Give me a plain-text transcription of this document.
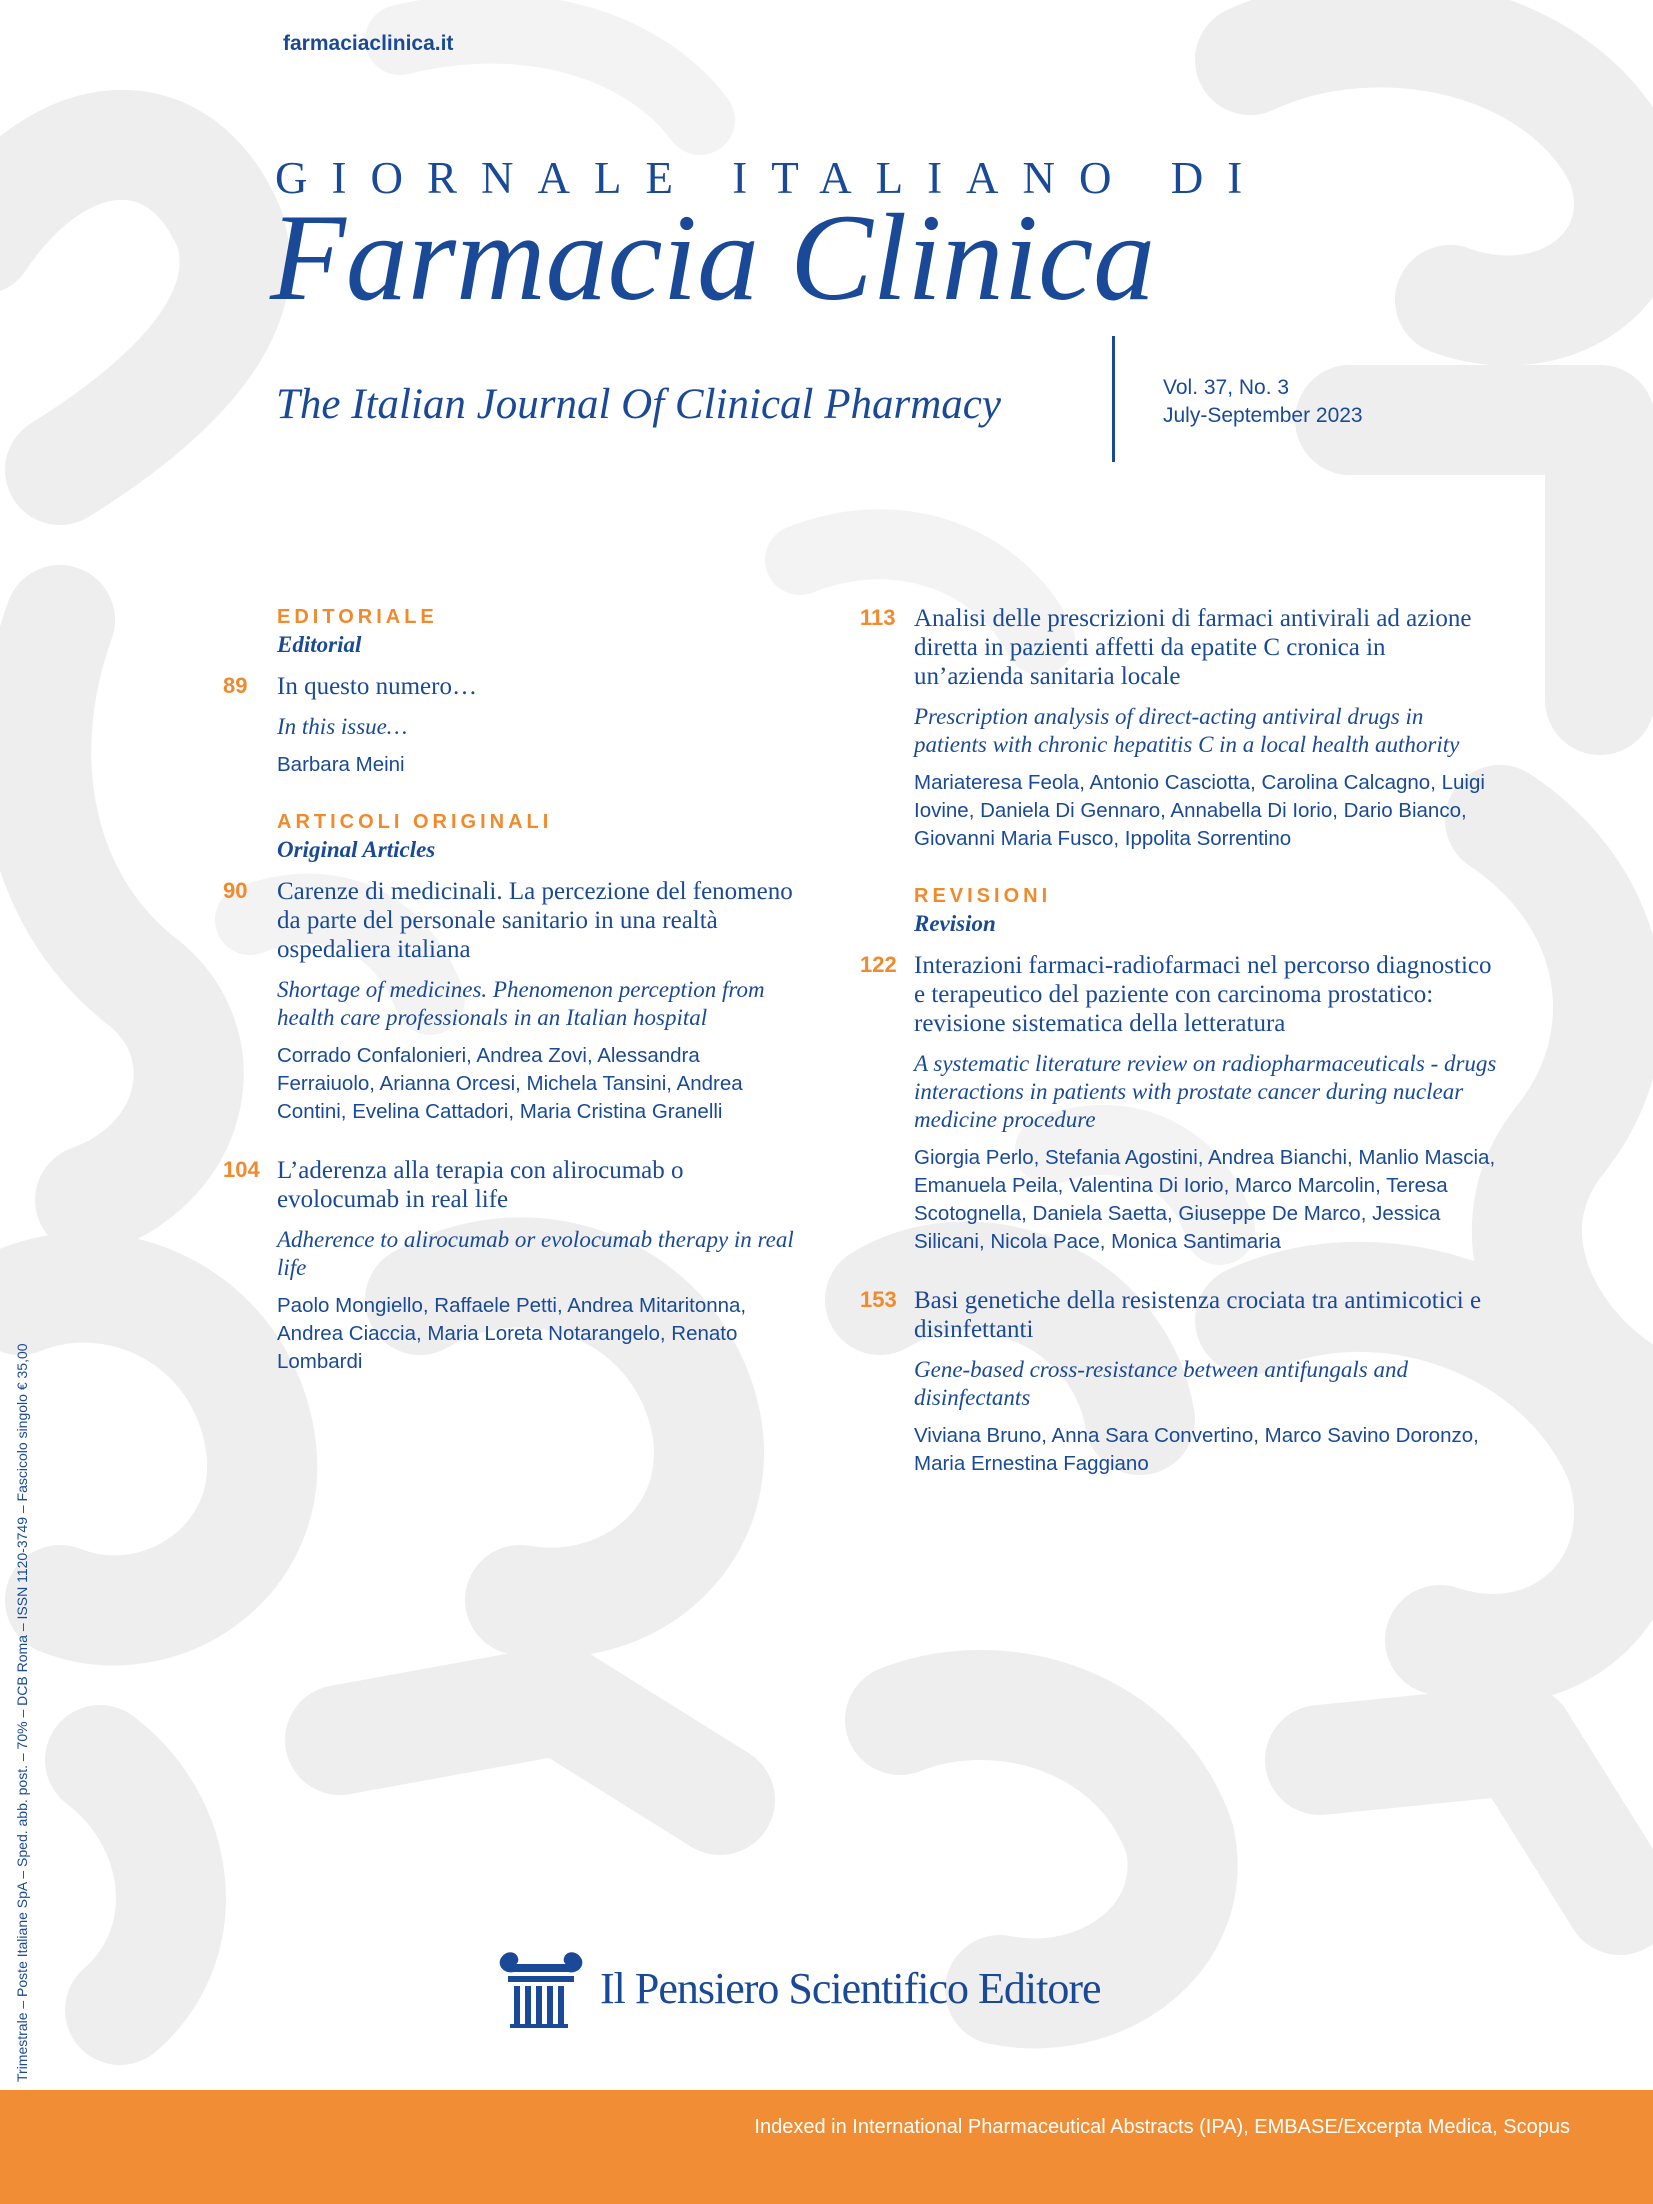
farmaciaclinica.it
GIORNALE ITALIANO DI
Farmacia Clinica
The Italian Journal Of Clinical Pharmacy	Vol. 37, No. 3
July-September 2023
EDITORIALE
Editorial
89 In questo numero…
In this issue…
Barbara Meini
ARTICOLI ORIGINALI
Original Articles
90 Carenze di medicinali. La percezione del fenomeno da parte del personale sanitario in una realtà ospedaliera italiana
Shortage of medicines. Phenomenon perception from health care professionals in an Italian hospital
Corrado Confalonieri, Andrea Zovi, Alessandra Ferraiuolo, Arianna Orcesi, Michela Tansini, Andrea Contini, Evelina Cattadori, Maria Cristina Granelli
104 L’aderenza alla terapia con alirocumab o evolocumab in real life
Adherence to alirocumab or evolocumab therapy in real life
Paolo Mongiello, Raffaele Petti, Andrea Mitaritonna, Andrea Ciaccia, Maria Loreta Notarangelo, Renato Lombardi
113 Analisi delle prescrizioni di farmaci antivirali ad azione diretta in pazienti affetti da epatite C cronica in un’azienda sanitaria locale
Prescription analysis of direct-acting antiviral drugs in patients with chronic hepatitis C in a local health authority
Mariateresa Feola, Antonio Casciotta, Carolina Calcagno, Luigi Iovine, Daniela Di Gennaro, Annabella Di Iorio, Dario Bianco, Giovanni Maria Fusco, Ippolita Sorrentino
REVISIONI
Revision
122 Interazioni farmaci-radiofarmaci nel percorso diagnostico e terapeutico del paziente con carcinoma prostatico: revisione sistematica della letteratura
A systematic literature review on radiopharmaceuticals - drugs interactions in patients with prostate cancer during nuclear medicine procedure
Giorgia Perlo, Stefania Agostini, Andrea Bianchi, Manlio Mascia, Emanuela Peila, Valentina Di Iorio, Marco Marcolin, Teresa Scotognella, Daniela Saetta, Giuseppe De Marco, Jessica Silicani, Nicola Pace, Monica Santimaria
153 Basi genetiche della resistenza crociata tra antimicotici e disinfettanti
Gene-based cross-resistance between antifungals and disinfectants
Viviana Bruno, Anna Sara Convertino, Marco Savino Doronzo, Maria Ernestina Faggiano
Trimestrale – Poste Italiane SpA – Sped. abb. post. – 70% – DCB Roma – ISSN 1120-3749 – Fascicolo singolo € 35,00	Il Pensiero Scientifico Editore
Indexed in International Pharmaceutical Abstracts (IPA), EMBASE/Excerpta Medica, Scopus
